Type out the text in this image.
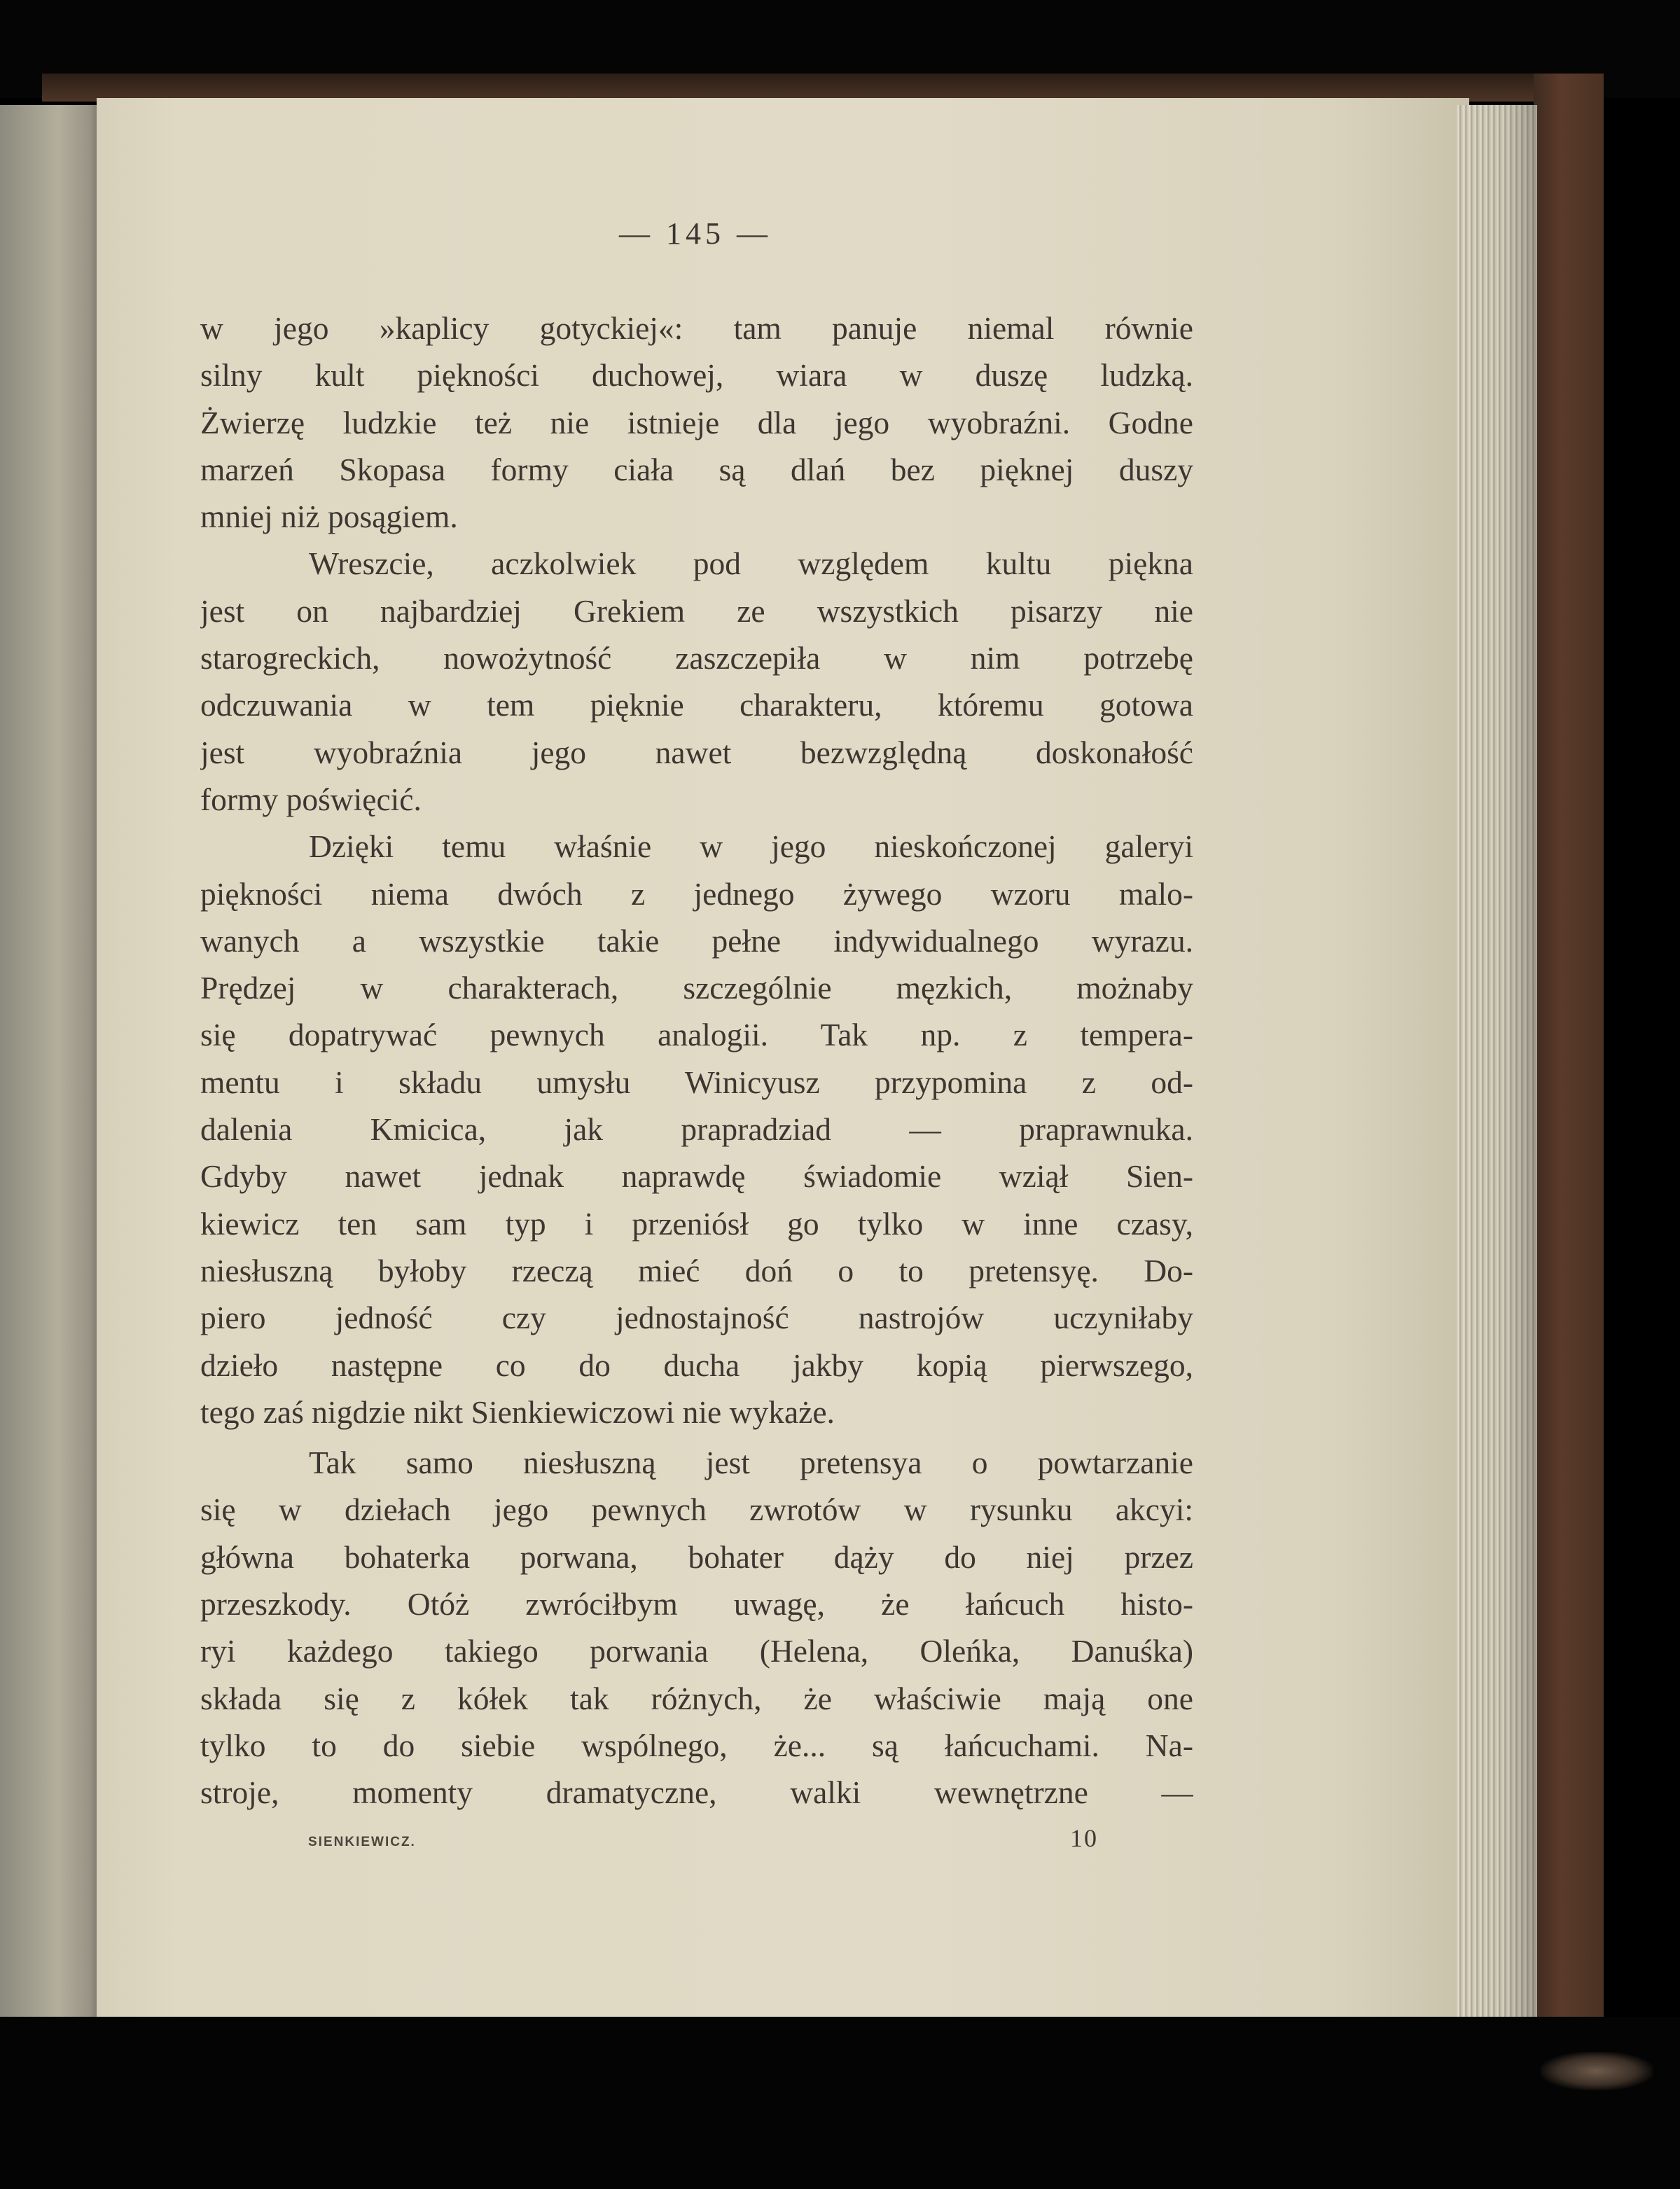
— 145 —
w jego »kaplicy gotyckiej«: tam panuje niemal równie
silny kult piękności duchowej, wiara w duszę ludzką.
Żwierzę ludzkie też nie istnieje dla jego wyobraźni. Godne
marzeń Skopasa formy ciała są dlań bez pięknej duszy
mniej niż posągiem.
Wreszcie, aczkolwiek pod względem kultu piękna
jest on najbardziej Grekiem ze wszystkich pisarzy nie
starogreckich, nowożytność zaszczepiła w nim potrzebę
odczuwania w tem pięknie charakteru, któremu gotowa
jest wyobraźnia jego nawet bezwzględną doskonałość
formy poświęcić.
Dzięki temu właśnie w jego nieskończonej galeryi
piękności niema dwóch z jednego żywego wzoru malo-
wanych a wszystkie takie pełne indywidualnego wyrazu.
Prędzej w charakterach, szczególnie męzkich, możnaby
się dopatrywać pewnych analogii. Tak np. z tempera-
mentu i składu umysłu Winicyusz przypomina z od-
dalenia Kmicica, jak prapradziad — praprawnuka.
Gdyby nawet jednak naprawdę świadomie wziął Sien-
kiewicz ten sam typ i przeniósł go tylko w inne czasy,
niesłuszną byłoby rzeczą mieć doń o to pretensyę. Do-
piero jedność czy jednostajność nastrojów uczyniłaby
dzieło następne co do ducha jakby kopią pierwszego,
tego zaś nigdzie nikt Sienkiewiczowi nie wykaże.
Tak samo niesłuszną jest pretensya o powtarzanie
się w dziełach jego pewnych zwrotów w rysunku akcyi:
główna bohaterka porwana, bohater dąży do niej przez
przeszkody. Otóż zwróciłbym uwagę, że łańcuch histo-
ryi każdego takiego porwania (Helena, Oleńka, Danuśka)
składa się z kółek tak różnych, że właściwie mają one
tylko to do siebie wspólnego, że... są łańcuchami. Na-
stroje, momenty dramatyczne, walki wewnętrzne —
SIENKIEWICZ.	10
